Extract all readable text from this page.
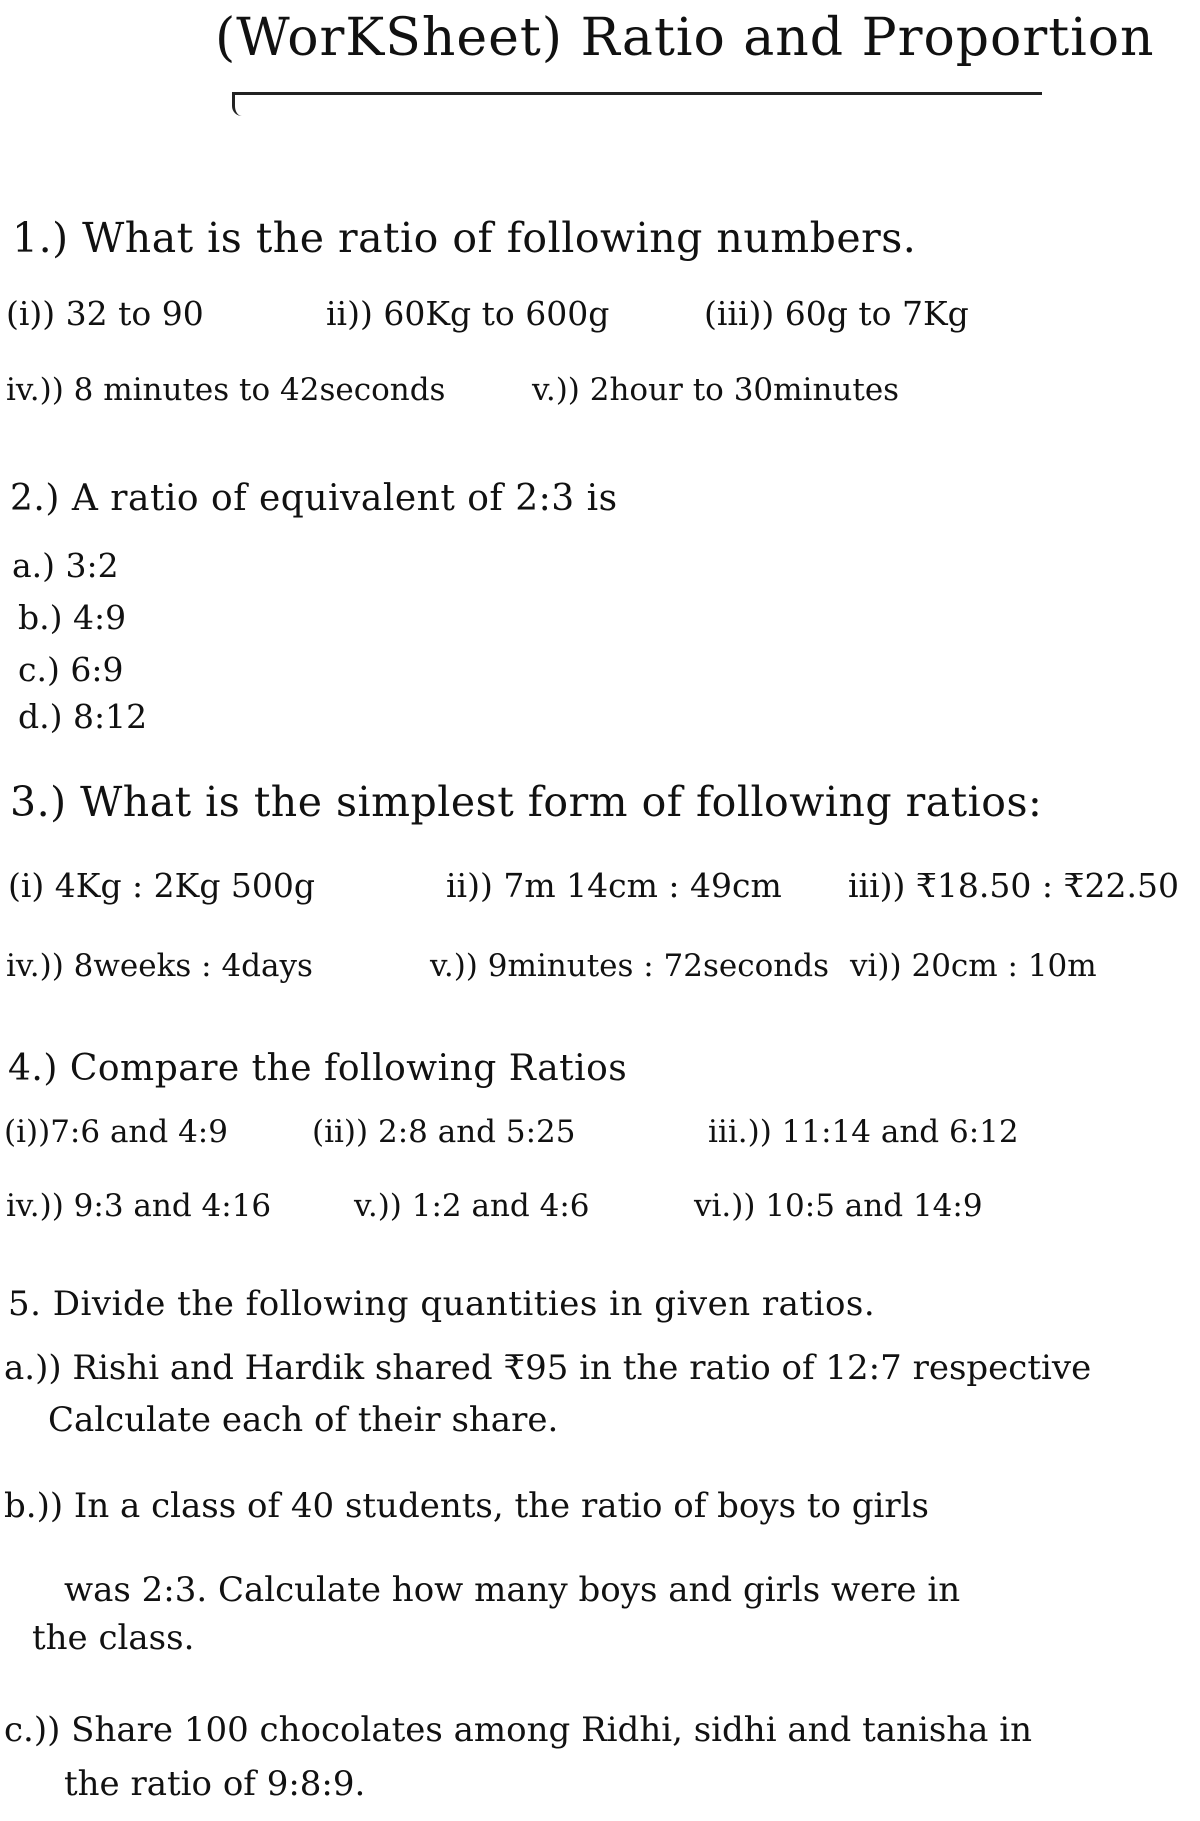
(WorKSheet) Ratio and Proportion
1.) What is the ratio of following numbers.
(i)) 32 to 90	ii)) 60Kg to 600g	(iii)) 60g to 7Kg
iv.)) 8 minutes to 42seconds	v.)) 2hour to 30minutes
2.) A ratio of equivalent of 2:3 is
a.) 3:2
b.) 4:9
c.) 6:9
d.) 8:12
3.) What is the simplest form of following ratios:
(i) 4Kg : 2Kg 500g	ii)) 7m 14cm : 49cm iii)) ₹18.50 : ₹22.50
iv.)) 8weeks : 4days	v.)) 9minutes : 72seconds vi)) 20cm : 10m
4.) Compare the following Ratios
(i))7:6 and 4:9	(ii)) 2:8 and 5:25	iii.)) 11:14 and 6:12
iv.)) 9:3 and 4:16	v.)) 1:2 and 4:6	vi.)) 10:5 and 14:9
5. Divide the following quantities in given ratios.
a.)) Rishi and Hardik shared ₹95 in the ratio of 12:7 respective
Calculate each of their share.
b.)) In a class of 40 students, the ratio of boys to girls
was 2:3. Calculate how many boys and girls were in
the class.
c.)) Share 100 chocolates among Ridhi, sidhi and tanisha in
the ratio of 9:8:9.
